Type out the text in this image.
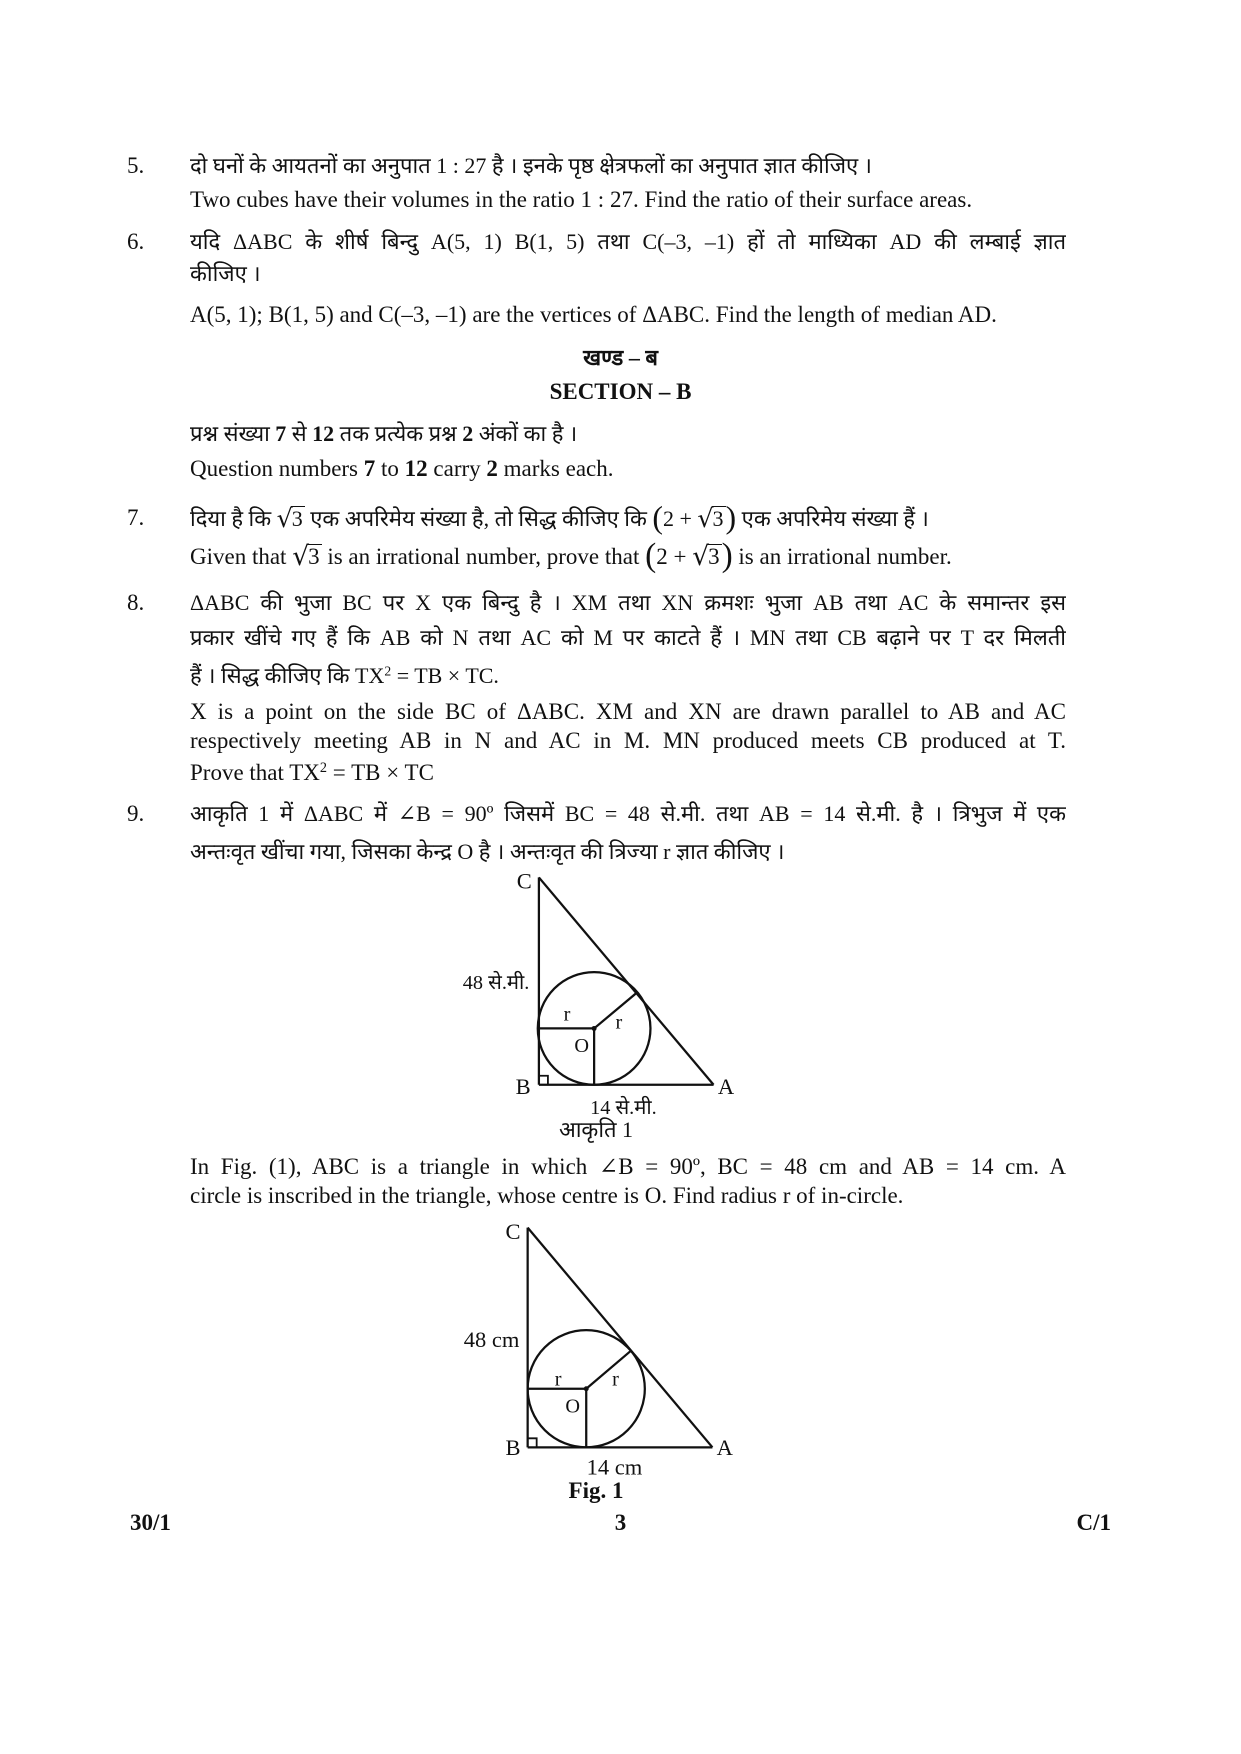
5.	दो घनों के आयतनों का अनुपात 1 : 27 है । इनके पृष्ठ क्षेत्रफलों का अनुपात ज्ञात कीजिए ।
Two cubes have their volumes in the ratio 1 : 27. Find the ratio of their surface areas.
6.	यदि ΔABC के शीर्ष बिन्दु A(5, 1) B(1, 5) तथा C(–3, –1) हों तो माध्यिका AD की लम्बाई ज्ञात
कीजिए ।
A(5, 1); B(1, 5) and C(–3, –1) are the vertices of ΔABC. Find the length of median AD.
खण्ड – ब
SECTION – B
प्रश्न संख्या 7 से 12 तक प्रत्येक प्रश्न 2 अंकों का है ।
Question numbers 7 to 12 carry 2 marks each.
7.	दिया है कि √3 एक अपरिमेय संख्या है, तो सिद्ध कीजिए कि (2 + √3) एक अपरिमेय संख्या हैं ।
Given that √3 is an irrational number, prove that (2 + √3) is an irrational number.
8.	ΔABC की भुजा BC पर X एक बिन्दु है । XM तथा XN क्रमशः भुजा AB तथा AC के समान्तर इस
प्रकार खींचे गए हैं कि AB को N तथा AC को M पर काटते हैं । MN तथा CB बढ़ाने पर T दर मिलती
हैं । सिद्ध कीजिए कि $TX^2$ = TB × TC.
X is a point on the side BC of ΔABC. XM and XN are drawn parallel to AB and AC
respectively meeting AB in N and AC in M. MN produced meets CB produced at T.
Prove that $TX^2$ = TB × TC
9.	आकृति 1 में ΔABC में ∠B = 90º जिसमें BC = 48 से.मी. तथा AB = 14 से.मी. है । त्रिभुज में एक
अन्तःवृत खींचा गया, जिसका केन्द्र O है । अन्तःवृत की त्रिज्या r ज्ञात कीजिए ।
C
48 से.मी.
r	r
O
B	A
14 से.मी.
आकृति 1
In Fig. (1), ABC is a triangle in which ∠B = 90º, BC = 48 cm and AB = 14 cm. A
circle is inscribed in the triangle, whose centre is O. Find radius r of in-circle.
C
48 cm
r	r
O
B	A
14 cm
Fig. 1
30/1	3	C/1
